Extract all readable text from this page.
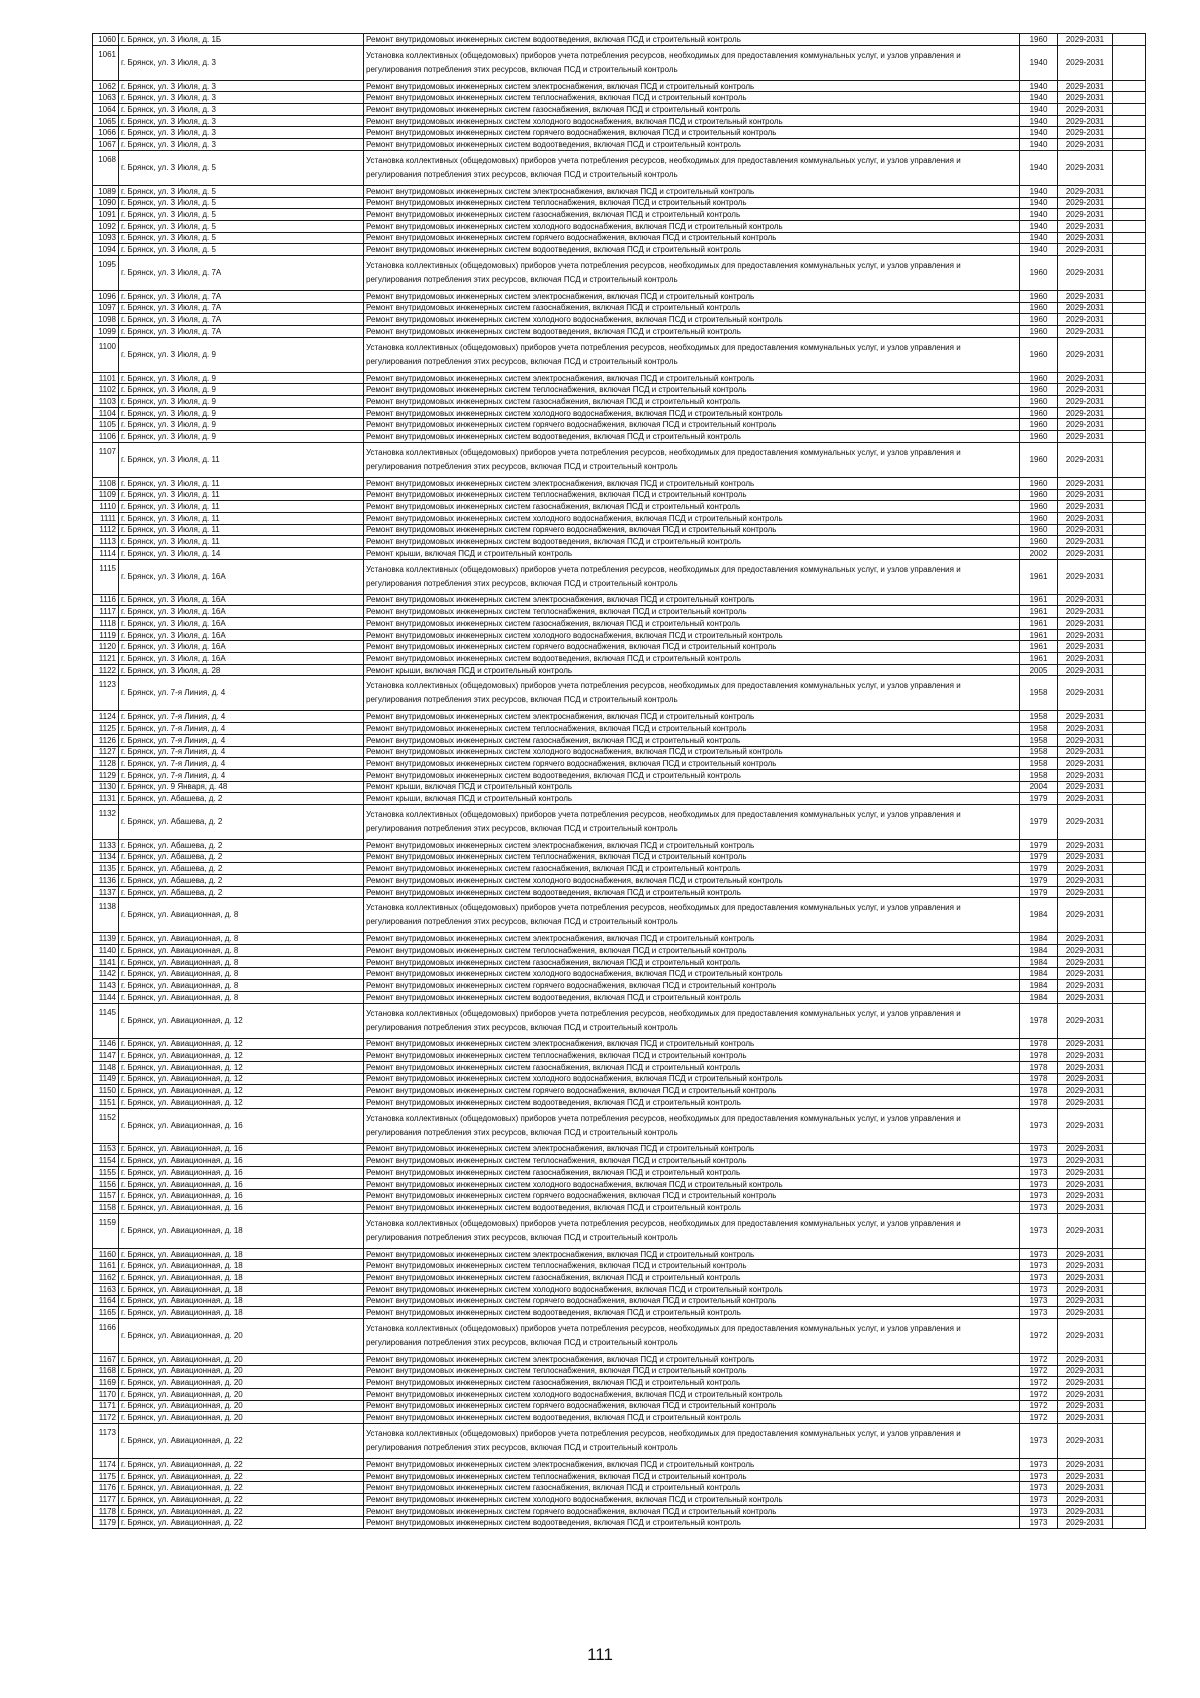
1060	г. Брянск, ул. 3 Июля, д. 1Б	Ремонт внутридомовых инженерных систем водоотведения, включая ПСД и строительный контроль	1960	2029-2031	
1061	г. Брянск, ул. 3 Июля, д. 3	Установка коллективных (общедомовых) приборов учета потребления ресурсов, необходимых для предоставления коммунальных услуг, и узлов управления и регулирования потребления этих ресурсов, включая ПСД и строительный контроль	1940	2029-2031	
1062	г. Брянск, ул. 3 Июля, д. 3	Ремонт внутридомовых инженерных систем электроснабжения, включая ПСД и строительный контроль	1940	2029-2031	
1063	г. Брянск, ул. 3 Июля, д. 3	Ремонт внутридомовых инженерных систем теплоснабжения, включая ПСД и строительный контроль	1940	2029-2031	
1064	г. Брянск, ул. 3 Июля, д. 3	Ремонт внутридомовых инженерных систем газоснабжения, включая ПСД и строительный контроль	1940	2029-2031	
1065	г. Брянск, ул. 3 Июля, д. 3	Ремонт внутридомовых инженерных систем холодного водоснабжения, включая ПСД и строительный контроль	1940	2029-2031	
1066	г. Брянск, ул. 3 Июля, д. 3	Ремонт внутридомовых инженерных систем горячего водоснабжения, включая ПСД и строительный контроль	1940	2029-2031	
1067	г. Брянск, ул. 3 Июля, д. 3	Ремонт внутридомовых инженерных систем водоотведения, включая ПСД и строительный контроль	1940	2029-2031	
1068	г. Брянск, ул. 3 Июля, д. 5	Установка коллективных (общедомовых) приборов учета потребления ресурсов, необходимых для предоставления коммунальных услуг, и узлов управления и регулирования потребления этих ресурсов, включая ПСД и строительный контроль	1940	2029-2031	
1089	г. Брянск, ул. 3 Июля, д. 5	Ремонт внутридомовых инженерных систем электроснабжения, включая ПСД и строительный контроль	1940	2029-2031	
1090	г. Брянск, ул. 3 Июля, д. 5	Ремонт внутридомовых инженерных систем теплоснабжения, включая ПСД и строительный контроль	1940	2029-2031	
1091	г. Брянск, ул. 3 Июля, д. 5	Ремонт внутридомовых инженерных систем газоснабжения, включая ПСД и строительный контроль	1940	2029-2031	
1092	г. Брянск, ул. 3 Июля, д. 5	Ремонт внутридомовых инженерных систем холодного водоснабжения, включая ПСД и строительный контроль	1940	2029-2031	
1093	г. Брянск, ул. 3 Июля, д. 5	Ремонт внутридомовых инженерных систем горячего водоснабжения, включая ПСД и строительный контроль	1940	2029-2031	
1094	г. Брянск, ул. 3 Июля, д. 5	Ремонт внутридомовых инженерных систем водоотведения, включая ПСД и строительный контроль	1940	2029-2031	
1095	г. Брянск, ул. 3 Июля, д. 7А	Установка коллективных (общедомовых) приборов учета потребления ресурсов, необходимых для предоставления коммунальных услуг, и узлов управления и регулирования потребления этих ресурсов, включая ПСД и строительный контроль	1960	2029-2031	
1096	г. Брянск, ул. 3 Июля, д. 7А	Ремонт внутридомовых инженерных систем электроснабжения, включая ПСД и строительный контроль	1960	2029-2031	
1097	г. Брянск, ул. 3 Июля, д. 7А	Ремонт внутридомовых инженерных систем газоснабжения, включая ПСД и строительный контроль	1960	2029-2031	
1098	г. Брянск, ул. 3 Июля, д. 7А	Ремонт внутридомовых инженерных систем холодного водоснабжения, включая ПСД и строительный контроль	1960	2029-2031	
1099	г. Брянск, ул. 3 Июля, д. 7А	Ремонт внутридомовых инженерных систем водоотведения, включая ПСД и строительный контроль	1960	2029-2031	
1100	г. Брянск, ул. 3 Июля, д. 9	Установка коллективных (общедомовых) приборов учета потребления ресурсов, необходимых для предоставления коммунальных услуг, и узлов управления и регулирования потребления этих ресурсов, включая ПСД и строительный контроль	1960	2029-2031	
1101	г. Брянск, ул. 3 Июля, д. 9	Ремонт внутридомовых инженерных систем электроснабжения, включая ПСД и строительный контроль	1960	2029-2031	
1102	г. Брянск, ул. 3 Июля, д. 9	Ремонт внутридомовых инженерных систем теплоснабжения, включая ПСД и строительный контроль	1960	2029-2031	
1103	г. Брянск, ул. 3 Июля, д. 9	Ремонт внутридомовых инженерных систем газоснабжения, включая ПСД и строительный контроль	1960	2029-2031	
1104	г. Брянск, ул. 3 Июля, д. 9	Ремонт внутридомовых инженерных систем холодного водоснабжения, включая ПСД и строительный контроль	1960	2029-2031	
1105	г. Брянск, ул. 3 Июля, д. 9	Ремонт внутридомовых инженерных систем горячего водоснабжения, включая ПСД и строительный контроль	1960	2029-2031	
1106	г. Брянск, ул. 3 Июля, д. 9	Ремонт внутридомовых инженерных систем водоотведения, включая ПСД и строительный контроль	1960	2029-2031	
1107	г. Брянск, ул. 3 Июля, д. 11	Установка коллективных (общедомовых) приборов учета потребления ресурсов, необходимых для предоставления коммунальных услуг, и узлов управления и регулирования потребления этих ресурсов, включая ПСД и строительный контроль	1960	2029-2031	
1108	г. Брянск, ул. 3 Июля, д. 11	Ремонт внутридомовых инженерных систем электроснабжения, включая ПСД и строительный контроль	1960	2029-2031	
1109	г. Брянск, ул. 3 Июля, д. 11	Ремонт внутридомовых инженерных систем теплоснабжения, включая ПСД и строительный контроль	1960	2029-2031	
1110	г. Брянск, ул. 3 Июля, д. 11	Ремонт внутридомовых инженерных систем газоснабжения, включая ПСД и строительный контроль	1960	2029-2031	
1111	г. Брянск, ул. 3 Июля, д. 11	Ремонт внутридомовых инженерных систем холодного водоснабжения, включая ПСД и строительный контроль	1960	2029-2031	
1112	г. Брянск, ул. 3 Июля, д. 11	Ремонт внутридомовых инженерных систем горячего водоснабжения, включая ПСД и строительный контроль	1960	2029-2031	
1113	г. Брянск, ул. 3 Июля, д. 11	Ремонт внутридомовых инженерных систем водоотведения, включая ПСД и строительный контроль	1960	2029-2031	
1114	г. Брянск, ул. 3 Июля, д. 14	Ремонт крыши, включая ПСД и строительный контроль	2002	2029-2031	
1115	г. Брянск, ул. 3 Июля, д. 16А	Установка коллективных (общедомовых) приборов учета потребления ресурсов, необходимых для предоставления коммунальных услуг, и узлов управления и регулирования потребления этих ресурсов, включая ПСД и строительный контроль	1961	2029-2031	
1116	г. Брянск, ул. 3 Июля, д. 16А	Ремонт внутридомовых инженерных систем электроснабжения, включая ПСД и строительный контроль	1961	2029-2031	
1117	г. Брянск, ул. 3 Июля, д. 16А	Ремонт внутридомовых инженерных систем теплоснабжения, включая ПСД и строительный контроль	1961	2029-2031	
1118	г. Брянск, ул. 3 Июля, д. 16А	Ремонт внутридомовых инженерных систем газоснабжения, включая ПСД и строительный контроль	1961	2029-2031	
1119	г. Брянск, ул. 3 Июля, д. 16А	Ремонт внутридомовых инженерных систем холодного водоснабжения, включая ПСД и строительный контроль	1961	2029-2031	
1120	г. Брянск, ул. 3 Июля, д. 16А	Ремонт внутридомовых инженерных систем горячего водоснабжения, включая ПСД и строительный контроль	1961	2029-2031	
1121	г. Брянск, ул. 3 Июля, д. 16А	Ремонт внутридомовых инженерных систем водоотведения, включая ПСД и строительный контроль	1961	2029-2031	
1122	г. Брянск, ул. 3 Июля, д. 28	Ремонт крыши, включая ПСД и строительный контроль	2005	2029-2031	
1123	г. Брянск, ул. 7-я Линия, д. 4	Установка коллективных (общедомовых) приборов учета потребления ресурсов, необходимых для предоставления коммунальных услуг, и узлов управления и регулирования потребления этих ресурсов, включая ПСД и строительный контроль	1958	2029-2031	
1124	г. Брянск, ул. 7-я Линия, д. 4	Ремонт внутридомовых инженерных систем электроснабжения, включая ПСД и строительный контроль	1958	2029-2031	
1125	г. Брянск, ул. 7-я Линия, д. 4	Ремонт внутридомовых инженерных систем теплоснабжения, включая ПСД и строительный контроль	1958	2029-2031	
1126	г. Брянск, ул. 7-я Линия, д. 4	Ремонт внутридомовых инженерных систем газоснабжения, включая ПСД и строительный контроль	1958	2029-2031	
1127	г. Брянск, ул. 7-я Линия, д. 4	Ремонт внутридомовых инженерных систем холодного водоснабжения, включая ПСД и строительный контроль	1958	2029-2031	
1128	г. Брянск, ул. 7-я Линия, д. 4	Ремонт внутридомовых инженерных систем горячего водоснабжения, включая ПСД и строительный контроль	1958	2029-2031	
1129	г. Брянск, ул. 7-я Линия, д. 4	Ремонт внутридомовых инженерных систем водоотведения, включая ПСД и строительный контроль	1958	2029-2031	
1130	г. Брянск, ул. 9 Января, д. 48	Ремонт крыши, включая ПСД и строительный контроль	2004	2029-2031	
1131	г. Брянск, ул. Абашева, д. 2	Ремонт крыши, включая ПСД и строительный контроль	1979	2029-2031	
1132	г. Брянск, ул. Абашева, д. 2	Установка коллективных (общедомовых) приборов учета потребления ресурсов, необходимых для предоставления коммунальных услуг, и узлов управления и регулирования потребления этих ресурсов, включая ПСД и строительный контроль	1979	2029-2031	
1133	г. Брянск, ул. Абашева, д. 2	Ремонт внутридомовых инженерных систем электроснабжения, включая ПСД и строительный контроль	1979	2029-2031	
1134	г. Брянск, ул. Абашева, д. 2	Ремонт внутридомовых инженерных систем теплоснабжения, включая ПСД и строительный контроль	1979	2029-2031	
1135	г. Брянск, ул. Абашева, д. 2	Ремонт внутридомовых инженерных систем газоснабжения, включая ПСД и строительный контроль	1979	2029-2031	
1136	г. Брянск, ул. Абашева, д. 2	Ремонт внутридомовых инженерных систем холодного водоснабжения, включая ПСД и строительный контроль	1979	2029-2031	
1137	г. Брянск, ул. Абашева, д. 2	Ремонт внутридомовых инженерных систем водоотведения, включая ПСД и строительный контроль	1979	2029-2031	
1138	г. Брянск, ул. Авиационная, д. 8	Установка коллективных (общедомовых) приборов учета потребления ресурсов, необходимых для предоставления коммунальных услуг, и узлов управления и регулирования потребления этих ресурсов, включая ПСД и строительный контроль	1984	2029-2031	
1139	г. Брянск, ул. Авиационная, д. 8	Ремонт внутридомовых инженерных систем электроснабжения, включая ПСД и строительный контроль	1984	2029-2031	
1140	г. Брянск, ул. Авиационная, д. 8	Ремонт внутридомовых инженерных систем теплоснабжения, включая ПСД и строительный контроль	1984	2029-2031	
1141	г. Брянск, ул. Авиационная, д. 8	Ремонт внутридомовых инженерных систем газоснабжения, включая ПСД и строительный контроль	1984	2029-2031	
1142	г. Брянск, ул. Авиационная, д. 8	Ремонт внутридомовых инженерных систем холодного водоснабжения, включая ПСД и строительный контроль	1984	2029-2031	
1143	г. Брянск, ул. Авиационная, д. 8	Ремонт внутридомовых инженерных систем горячего водоснабжения, включая ПСД и строительный контроль	1984	2029-2031	
1144	г. Брянск, ул. Авиационная, д. 8	Ремонт внутридомовых инженерных систем водоотведения, включая ПСД и строительный контроль	1984	2029-2031	
1145	г. Брянск, ул. Авиационная, д. 12	Установка коллективных (общедомовых) приборов учета потребления ресурсов, необходимых для предоставления коммунальных услуг, и узлов управления и регулирования потребления этих ресурсов, включая ПСД и строительный контроль	1978	2029-2031	
1146	г. Брянск, ул. Авиационная, д. 12	Ремонт внутридомовых инженерных систем электроснабжения, включая ПСД и строительный контроль	1978	2029-2031	
1147	г. Брянск, ул. Авиационная, д. 12	Ремонт внутридомовых инженерных систем теплоснабжения, включая ПСД и строительный контроль	1978	2029-2031	
1148	г. Брянск, ул. Авиационная, д. 12	Ремонт внутридомовых инженерных систем газоснабжения, включая ПСД и строительный контроль	1978	2029-2031	
1149	г. Брянск, ул. Авиационная, д. 12	Ремонт внутридомовых инженерных систем холодного водоснабжения, включая ПСД и строительный контроль	1978	2029-2031	
1150	г. Брянск, ул. Авиационная, д. 12	Ремонт внутридомовых инженерных систем горячего водоснабжения, включая ПСД и строительный контроль	1978	2029-2031	
1151	г. Брянск, ул. Авиационная, д. 12	Ремонт внутридомовых инженерных систем водоотведения, включая ПСД и строительный контроль	1978	2029-2031	
1152	г. Брянск, ул. Авиационная, д. 16	Установка коллективных (общедомовых) приборов учета потребления ресурсов, необходимых для предоставления коммунальных услуг, и узлов управления и регулирования потребления этих ресурсов, включая ПСД и строительный контроль	1973	2029-2031	
1153	г. Брянск, ул. Авиационная, д. 16	Ремонт внутридомовых инженерных систем электроснабжения, включая ПСД и строительный контроль	1973	2029-2031	
1154	г. Брянск, ул. Авиационная, д. 16	Ремонт внутридомовых инженерных систем теплоснабжения, включая ПСД и строительный контроль	1973	2029-2031	
1155	г. Брянск, ул. Авиационная, д. 16	Ремонт внутридомовых инженерных систем газоснабжения, включая ПСД и строительный контроль	1973	2029-2031	
1156	г. Брянск, ул. Авиационная, д. 16	Ремонт внутридомовых инженерных систем холодного водоснабжения, включая ПСД и строительный контроль	1973	2029-2031	
1157	г. Брянск, ул. Авиационная, д. 16	Ремонт внутридомовых инженерных систем горячего водоснабжения, включая ПСД и строительный контроль	1973	2029-2031	
1158	г. Брянск, ул. Авиационная, д. 16	Ремонт внутридомовых инженерных систем водоотведения, включая ПСД и строительный контроль	1973	2029-2031	
1159	г. Брянск, ул. Авиационная, д. 18	Установка коллективных (общедомовых) приборов учета потребления ресурсов, необходимых для предоставления коммунальных услуг, и узлов управления и регулирования потребления этих ресурсов, включая ПСД и строительный контроль	1973	2029-2031	
1160	г. Брянск, ул. Авиационная, д. 18	Ремонт внутридомовых инженерных систем электроснабжения, включая ПСД и строительный контроль	1973	2029-2031	
1161	г. Брянск, ул. Авиационная, д. 18	Ремонт внутридомовых инженерных систем теплоснабжения, включая ПСД и строительный контроль	1973	2029-2031	
1162	г. Брянск, ул. Авиационная, д. 18	Ремонт внутридомовых инженерных систем газоснабжения, включая ПСД и строительный контроль	1973	2029-2031	
1163	г. Брянск, ул. Авиационная, д. 18	Ремонт внутридомовых инженерных систем холодного водоснабжения, включая ПСД и строительный контроль	1973	2029-2031	
1164	г. Брянск, ул. Авиационная, д. 18	Ремонт внутридомовых инженерных систем горячего водоснабжения, включая ПСД и строительный контроль	1973	2029-2031	
1165	г. Брянск, ул. Авиационная, д. 18	Ремонт внутридомовых инженерных систем водоотведения, включая ПСД и строительный контроль	1973	2029-2031	
1166	г. Брянск, ул. Авиационная, д. 20	Установка коллективных (общедомовых) приборов учета потребления ресурсов, необходимых для предоставления коммунальных услуг, и узлов управления и регулирования потребления этих ресурсов, включая ПСД и строительный контроль	1972	2029-2031	
1167	г. Брянск, ул. Авиационная, д. 20	Ремонт внутридомовых инженерных систем электроснабжения, включая ПСД и строительный контроль	1972	2029-2031	
1168	г. Брянск, ул. Авиационная, д. 20	Ремонт внутридомовых инженерных систем теплоснабжения, включая ПСД и строительный контроль	1972	2029-2031	
1169	г. Брянск, ул. Авиационная, д. 20	Ремонт внутридомовых инженерных систем газоснабжения, включая ПСД и строительный контроль	1972	2029-2031	
1170	г. Брянск, ул. Авиационная, д. 20	Ремонт внутридомовых инженерных систем холодного водоснабжения, включая ПСД и строительный контроль	1972	2029-2031	
1171	г. Брянск, ул. Авиационная, д. 20	Ремонт внутридомовых инженерных систем горячего водоснабжения, включая ПСД и строительный контроль	1972	2029-2031	
1172	г. Брянск, ул. Авиационная, д. 20	Ремонт внутридомовых инженерных систем водоотведения, включая ПСД и строительный контроль	1972	2029-2031	
1173	г. Брянск, ул. Авиационная, д. 22	Установка коллективных (общедомовых) приборов учета потребления ресурсов, необходимых для предоставления коммунальных услуг, и узлов управления и регулирования потребления этих ресурсов, включая ПСД и строительный контроль	1973	2029-2031	
1174	г. Брянск, ул. Авиационная, д. 22	Ремонт внутридомовых инженерных систем электроснабжения, включая ПСД и строительный контроль	1973	2029-2031	
1175	г. Брянск, ул. Авиационная, д. 22	Ремонт внутридомовых инженерных систем теплоснабжения, включая ПСД и строительный контроль	1973	2029-2031	
1176	г. Брянск, ул. Авиационная, д. 22	Ремонт внутридомовых инженерных систем газоснабжения, включая ПСД и строительный контроль	1973	2029-2031	
1177	г. Брянск, ул. Авиационная, д. 22	Ремонт внутридомовых инженерных систем холодного водоснабжения, включая ПСД и строительный контроль	1973	2029-2031	
1178	г. Брянск, ул. Авиационная, д. 22	Ремонт внутридомовых инженерных систем горячего водоснабжения, включая ПСД и строительный контроль	1973	2029-2031	
1179	г. Брянск, ул. Авиационная, д. 22	Ремонт внутридомовых инженерных систем водоотведения, включая ПСД и строительный контроль	1973	2029-2031	
111
